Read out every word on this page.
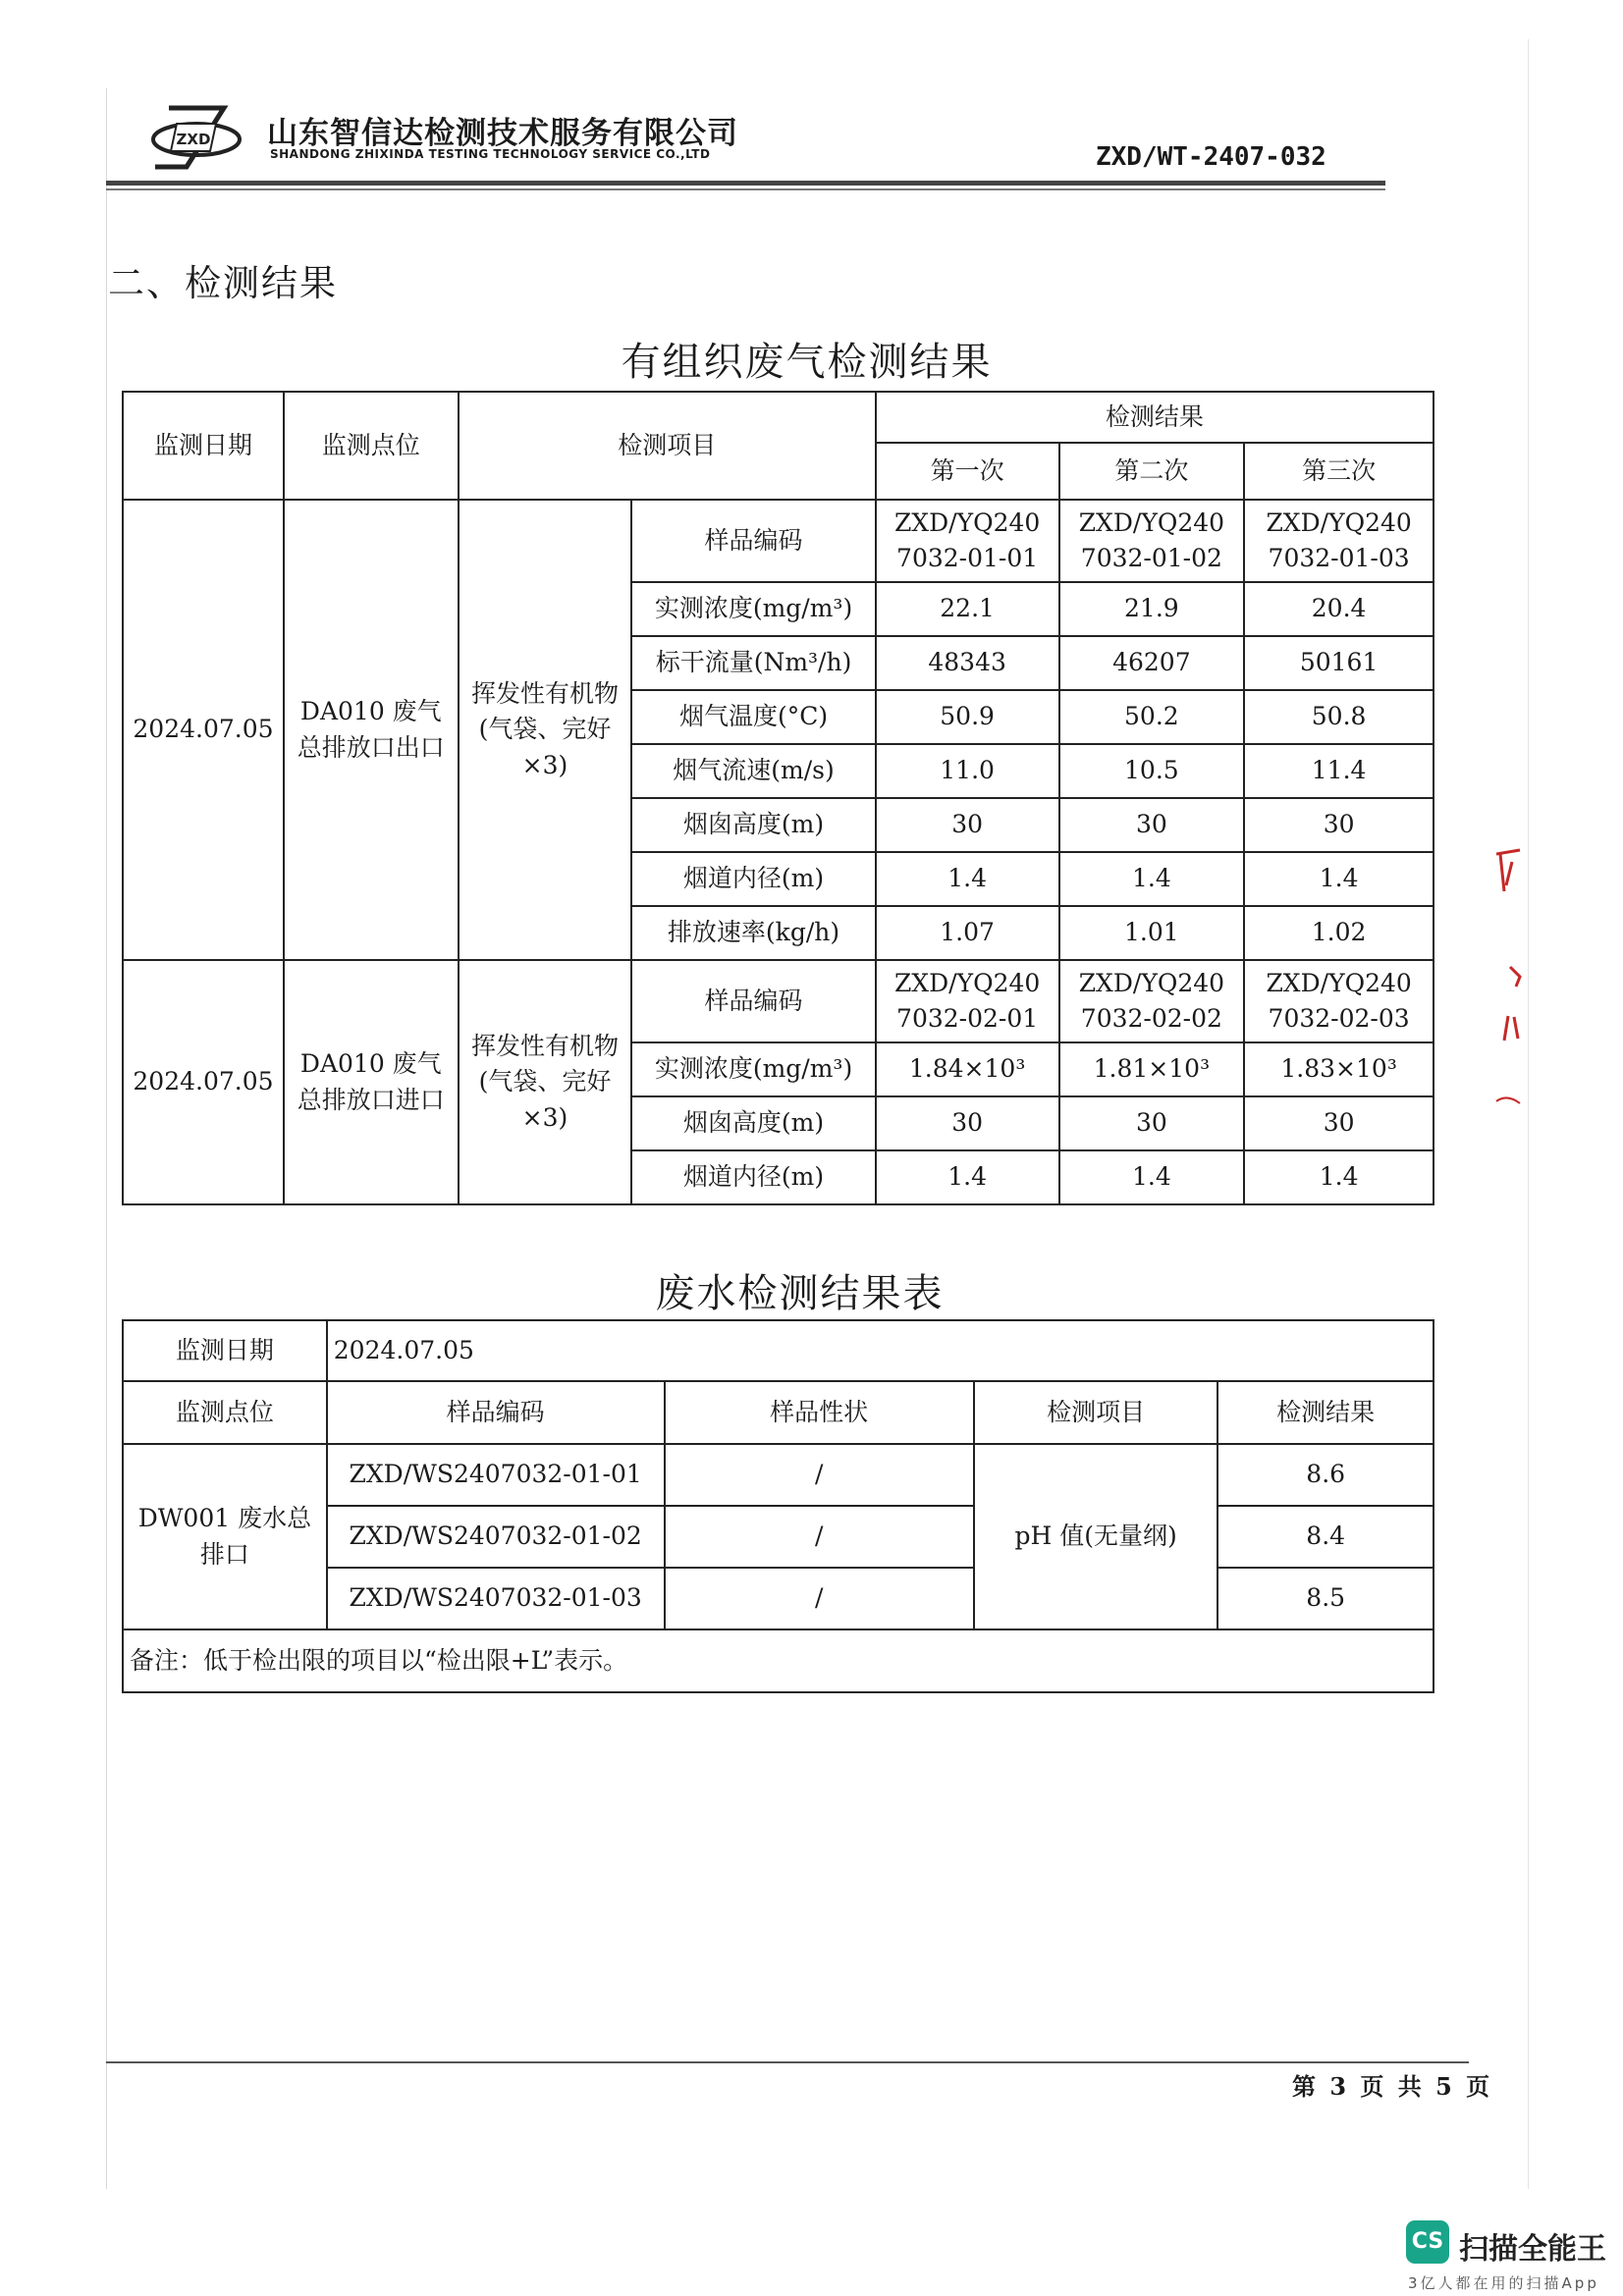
ZXD 山东智信达检测技术服务有限公司
SHANDONG ZHIXINDA TESTING TECHNOLOGY SERVICE CO.,LTD	ZXD/WT-2407-032
二、检测结果
有组织废气检测结果
监测日期	监测点位	检测项目		检测结果		
				第一次	第二次	第三次
2024.07.05	DA010 废气总排放口出口	挥发性有机物(气袋、完好×3)	样品编码	ZXD/YQ2407032-01-01	ZXD/YQ2407032-01-02	ZXD/YQ2407032-01-03
			实测浓度(mg/m³)	22.1	21.9	20.4
			标干流量(Nm³/h)	48343	46207	50161
			烟气温度(°C)	50.9	50.2	50.8
			烟气流速(m/s)	11.0	10.5	11.4
			烟囱高度(m)	30	30	30
			烟道内径(m)	1.4	1.4	1.4
			排放速率(kg/h)	1.07	1.01	1.02
2024.07.05	DA010 废气总排放口进口	挥发性有机物(气袋、完好×3)	样品编码	ZXD/YQ2407032-02-01	ZXD/YQ2407032-02-02	ZXD/YQ2407032-02-03
			实测浓度(mg/m³)	1.84×10³	1.81×10³	1.83×10³
			烟囱高度(m)	30	30	30
			烟道内径(m)	1.4	1.4	1.4
废水检测结果表
监测日期	2024.07.05			
监测点位	样品编码	样品性状	检测项目	检测结果
DW001 废水总排口	ZXD/WS2407032-01-01	/	pH 值(无量纲)	8.6
	ZXD/WS2407032-01-02	/		8.4
	ZXD/WS2407032-01-03	/		8.5
备注：低于检出限的项目以“检出限+L”表示。				
第 3 页 共 5 页
CS 扫描全能王
3亿人都在用的扫描App
